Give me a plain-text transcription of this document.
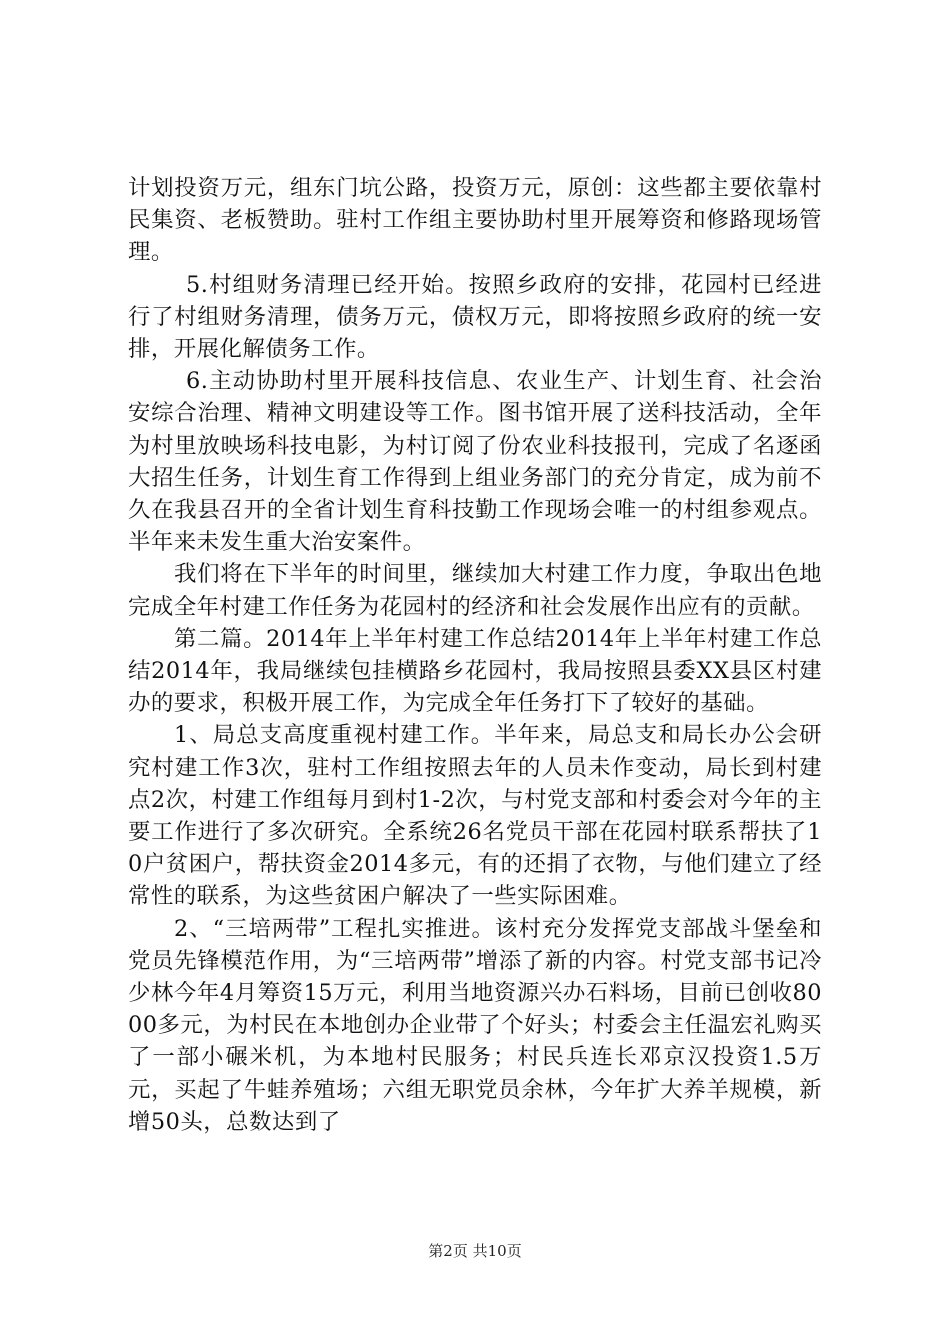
计划投资万元，组东门坑公路，投资万元，原创：这些都主要依靠村民集资、老板赞助。驻村工作组主要协助村里开展筹资和修路现场管理。

5.村组财务清理已经开始。按照乡政府的安排，花园村已经进行了村组财务清理，债务万元，债权万元，即将按照乡政府的统一安排，开展化解债务工作。

6.主动协助村里开展科技信息、农业生产、计划生育、社会治安综合治理、精神文明建设等工作。图书馆开展了送科技活动，全年为村里放映场科技电影，为村订阅了份农业科技报刊，完成了名逐函大招生任务，计划生育工作得到上组业务部门的充分肯定，成为前不久在我县召开的全省计划生育科技勤工作现场会唯一的村组参观点。半年来未发生重大治安案件。

我们将在下半年的时间里，继续加大村建工作力度，争取出色地完成全年村建工作任务为花园村的经济和社会发展作出应有的贡献。

第二篇。2014年上半年村建工作总结2014年上半年村建工作总结2014年，我局继续包挂横路乡花园村，我局按照县委XX县区村建办的要求，积极开展工作，为完成全年任务打下了较好的基础。

1、局总支高度重视村建工作。半年来，局总支和局长办公会研究村建工作3次，驻村工作组按照去年的人员未作变动，局长到村建点2次，村建工作组每月到村1-2次，与村党支部和村委会对今年的主要工作进行了多次研究。全系统26名党员干部在花园村联系帮扶了10户贫困户，帮扶资金2014多元，有的还捐了衣物，与他们建立了经常性的联系，为这些贫困户解决了一些实际困难。

2、“三培两带”工程扎实推进。该村充分发挥党支部战斗堡垒和党员先锋模范作用，为“三培两带”增添了新的内容。村党支部书记冷少林今年4月筹资15万元，利用当地资源兴办石料场，目前已创收8000多元，为村民在本地创办企业带了个好头；村委会主任温宏礼购买了一部小碾米机，为本地村民服务；村民兵连长邓京汉投资1.5万元，买起了牛蛙养殖场；六组无职党员余林，今年扩大养羊规模，新增50头，总数达到了

第2页 共10页
